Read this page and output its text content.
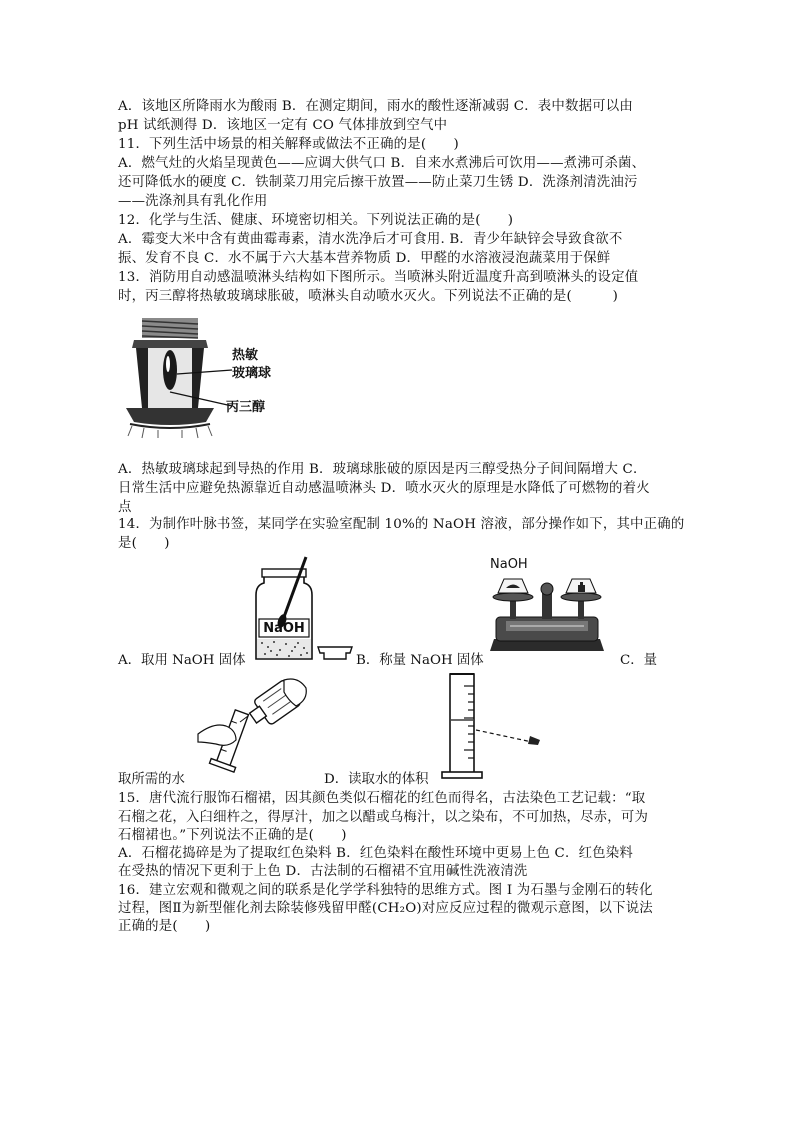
A．该地区所降雨水为酸雨 B．在测定期间，雨水的酸性逐渐减弱 C．表中数据可以由
pH 试纸测得 D．该地区一定有 CO 气体排放到空气中
11．下列生活中场景的相关解释或做法不正确的是(　　)
A．燃气灶的火焰呈现黄色——应调大供气口 B．自来水煮沸后可饮用——煮沸可杀菌、
还可降低水的硬度 C．铁制菜刀用完后擦干放置——防止菜刀生锈 D．洗涤剂清洗油污
——洗涤剂具有乳化作用
12．化学与生活、健康、环境密切相关。下列说法正确的是(　　)
A．霉变大米中含有黄曲霉毒素，清水洗净后才可食用. B．青少年缺锌会导致食欲不
振、发育不良 C．水不属于六大基本营养物质 D．甲醛的水溶液浸泡蔬菜用于保鲜
13．消防用自动感温喷淋头结构如下图所示。当喷淋头附近温度升高到喷淋头的设定值
时，丙三醇将热敏玻璃球胀破，喷淋头自动喷水灭火。下列说法不正确的是(　　　)
热敏
玻璃球
丙三醇
A．热敏玻璃球起到导热的作用 B．玻璃球胀破的原因是丙三醇受热分子间间隔增大 C．
日常生活中应避免热源靠近自动感温喷淋头 D．喷水灭火的原理是水降低了可燃物的着火
点
14．为制作叶脉书签，某同学在实验室配制 10%的 NaOH 溶液，部分操作如下，其中正确的
是(　　)
NaOH
NaOH
A．取用 NaOH 固体	B．称量 NaOH 固体	C．量
取所需的水	D．读取水的体积
15．唐代流行服饰石榴裙，因其颜色类似石榴花的红色而得名，古法染色工艺记载：“取
石榴之花，入臼细杵之，得厚汁，加之以醋或乌梅汁，以之染布，不可加热，尽赤，可为
石榴裙也。”下列说法不正确的是(　　)
A．石榴花捣碎是为了提取红色染料 B．红色染料在酸性环境中更易上色 C．红色染料
在受热的情况下更利于上色 D．古法制的石榴裙不宜用碱性洗液清洗
16．建立宏观和微观之间的联系是化学学科独特的思维方式。图 I 为石墨与金刚石的转化
过程，图Ⅱ为新型催化剂去除装修残留甲醛(CH₂O)对应反应过程的微观示意图，以下说法
正确的是(　　)
